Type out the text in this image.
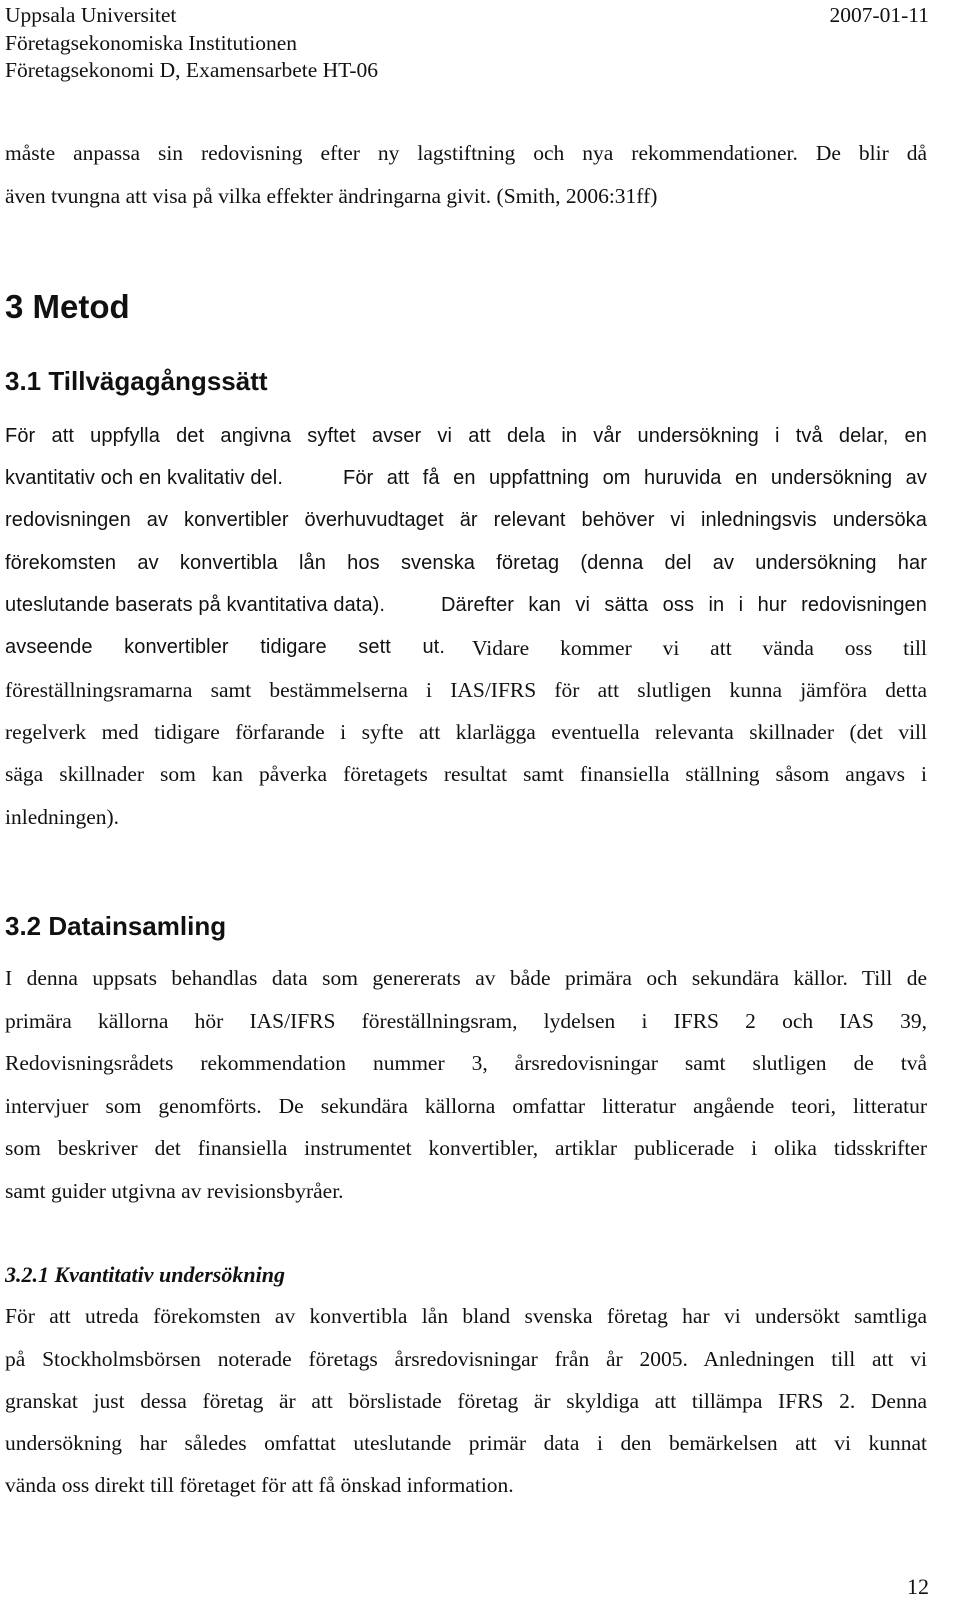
Uppsala Universitet	2007-01-11
Företagsekonomiska Institutionen
Företagsekonomi D, Examensarbete HT-06
måste anpassa sin redovisning efter ny lagstiftning och nya rekommendationer. De blir då
även tvungna att visa på vilka effekter ändringarna givit. (Smith, 2006:31ff)
3 Metod
3.1 Tillvägagångssätt
För att uppfylla det angivna syftet avser vi att dela in vår undersökning i två delar, en
kvantitativ och en kvalitativ del.	För att få en uppfattning om huruvida en undersökning av
redovisningen av konvertibler överhuvudtaget är relevant behöver vi inledningsvis undersöka
förekomsten av konvertibla lån hos svenska företag (denna del av undersökning har
uteslutande baserats på kvantitativa data).	Därefter kan vi sätta oss in i hur redovisningen
avseende konvertibler tidigare sett ut. Vidare kommer vi att vända oss till
föreställningsramarna samt bestämmelserna i IAS/IFRS för att slutligen kunna jämföra detta
regelverk med tidigare förfarande i syfte att klarlägga eventuella relevanta skillnader (det vill
säga skillnader som kan påverka företagets resultat samt finansiella ställning såsom angavs i
inledningen).
3.2 Datainsamling
I denna uppsats behandlas data som genererats av både primära och sekundära källor. Till de
primära källorna hör IAS/IFRS föreställningsram, lydelsen i IFRS 2 och IAS 39,
Redovisningsrådets rekommendation nummer 3, årsredovisningar samt slutligen de två
intervjuer som genomförts. De sekundära källorna omfattar litteratur angående teori, litteratur
som beskriver det finansiella instrumentet konvertibler, artiklar publicerade i olika tidsskrifter
samt guider utgivna av revisionsbyråer.
3.2.1 Kvantitativ undersökning
För att utreda förekomsten av konvertibla lån bland svenska företag har vi undersökt samtliga
på Stockholmsbörsen noterade företags årsredovisningar från år 2005. Anledningen till att vi
granskat just dessa företag är att börslistade företag är skyldiga att tillämpa IFRS 2. Denna
undersökning har således omfattat uteslutande primär data i den bemärkelsen att vi kunnat
vända oss direkt till företaget för att få önskad information.
12
